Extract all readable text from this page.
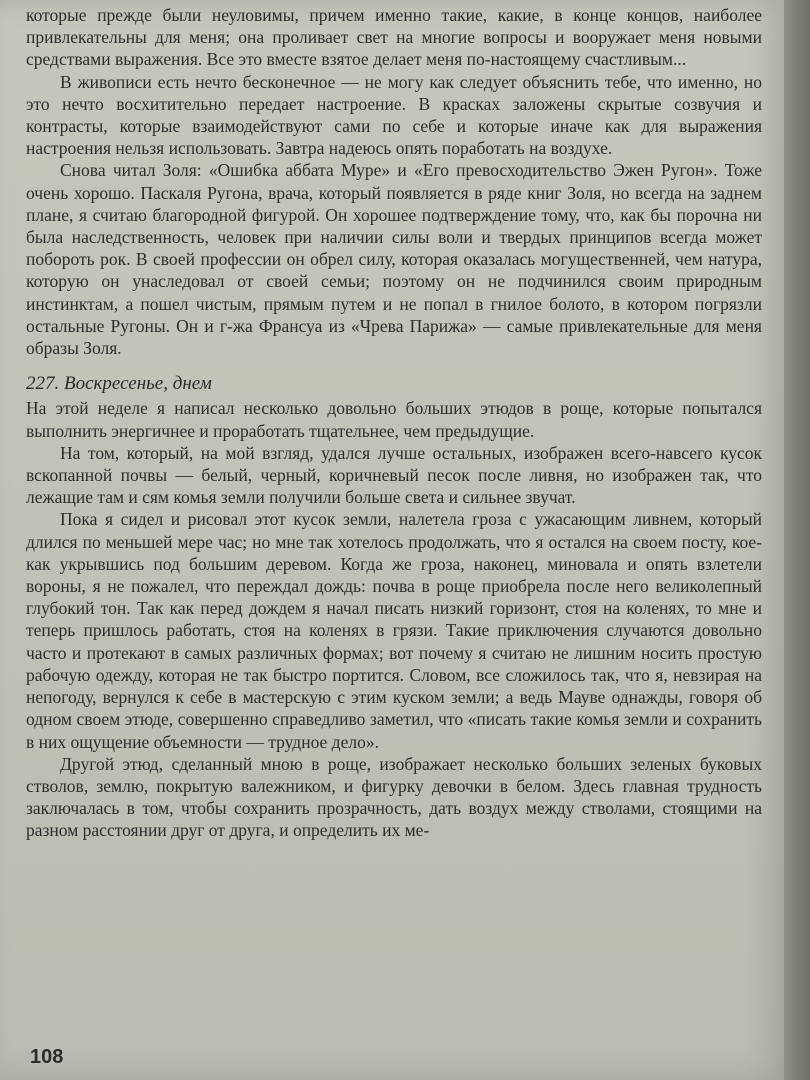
которые прежде были неуловимы, причем именно такие, какие, в конце концов, наиболее привлекательны для меня; она проливает свет на многие вопросы и вооружает меня новыми средствами выражения. Все это вместе взятое делает меня по-настоящему счастливым...

В живописи есть нечто бесконечное — не могу как следует объяснить тебе, что именно, но это нечто восхитительно передает настроение. В красках заложены скрытые созвучия и контрасты, которые взаимодействуют сами по себе и которые иначе как для выражения настроения нельзя использовать. Завтра надеюсь опять поработать на воздухе.

Снова читал Золя: «Ошибка аббата Муре» и «Его превосходительство Эжен Ругон». Тоже очень хорошо. Паскаля Ругона, врача, который появляется в ряде книг Золя, но всегда на заднем плане, я считаю благородной фигурой. Он хорошее подтверждение тому, что, как бы порочна ни была наследственность, человек при наличии силы воли и твердых принципов всегда может побороть рок. В своей профессии он обрел силу, которая оказалась могущественней, чем натура, которую он унаследовал от своей семьи; поэтому он не подчинился своим природным инстинктам, а пошел чистым, прямым путем и не попал в гнилое болото, в котором погрязли остальные Ругоны. Он и г-жа Франсуа из «Чрева Парижа» — самые привлекательные для меня образы Золя.

227. Воскресенье, днем

На этой неделе я написал несколько довольно больших этюдов в роще, которые попытался выполнить энергичнее и проработать тщательнее, чем предыдущие.

На том, который, на мой взгляд, удался лучше остальных, изображен всего-навсего кусок вскопанной почвы — белый, черный, коричневый песок после ливня, но изображен так, что лежащие там и сям комья земли получили больше света и сильнее звучат.

Пока я сидел и рисовал этот кусок земли, налетела гроза с ужасающим ливнем, который длился по меньшей мере час; но мне так хотелось продолжать, что я остался на своем посту, кое-как укрывшись под большим деревом. Когда же гроза, наконец, миновала и опять взлетели вороны, я не пожалел, что переждал дождь: почва в роще приобрела после него великолепный глубокий тон. Так как перед дождем я начал писать низкий горизонт, стоя на коленях, то мне и теперь пришлось работать, стоя на коленях в грязи. Такие приключения случаются довольно часто и протекают в самых различных формах; вот почему я считаю не лишним носить простую рабочую одежду, которая не так быстро портится. Словом, все сложилось так, что я, невзирая на непогоду, вернулся к себе в мастерскую с этим куском земли; а ведь Мауве однажды, говоря об одном своем этюде, совершенно справедливо заметил, что «писать такие комья земли и сохранить в них ощущение объемности — трудное дело».

Другой этюд, сделанный мною в роще, изображает несколько больших зеленых буковых стволов, землю, покрытую валежником, и фигурку девочки в белом. Здесь главная трудность заключалась в том, чтобы сохранить прозрачность, дать воздух между стволами, стоящими на разном расстоянии друг от друга, и определить их ме-

108
